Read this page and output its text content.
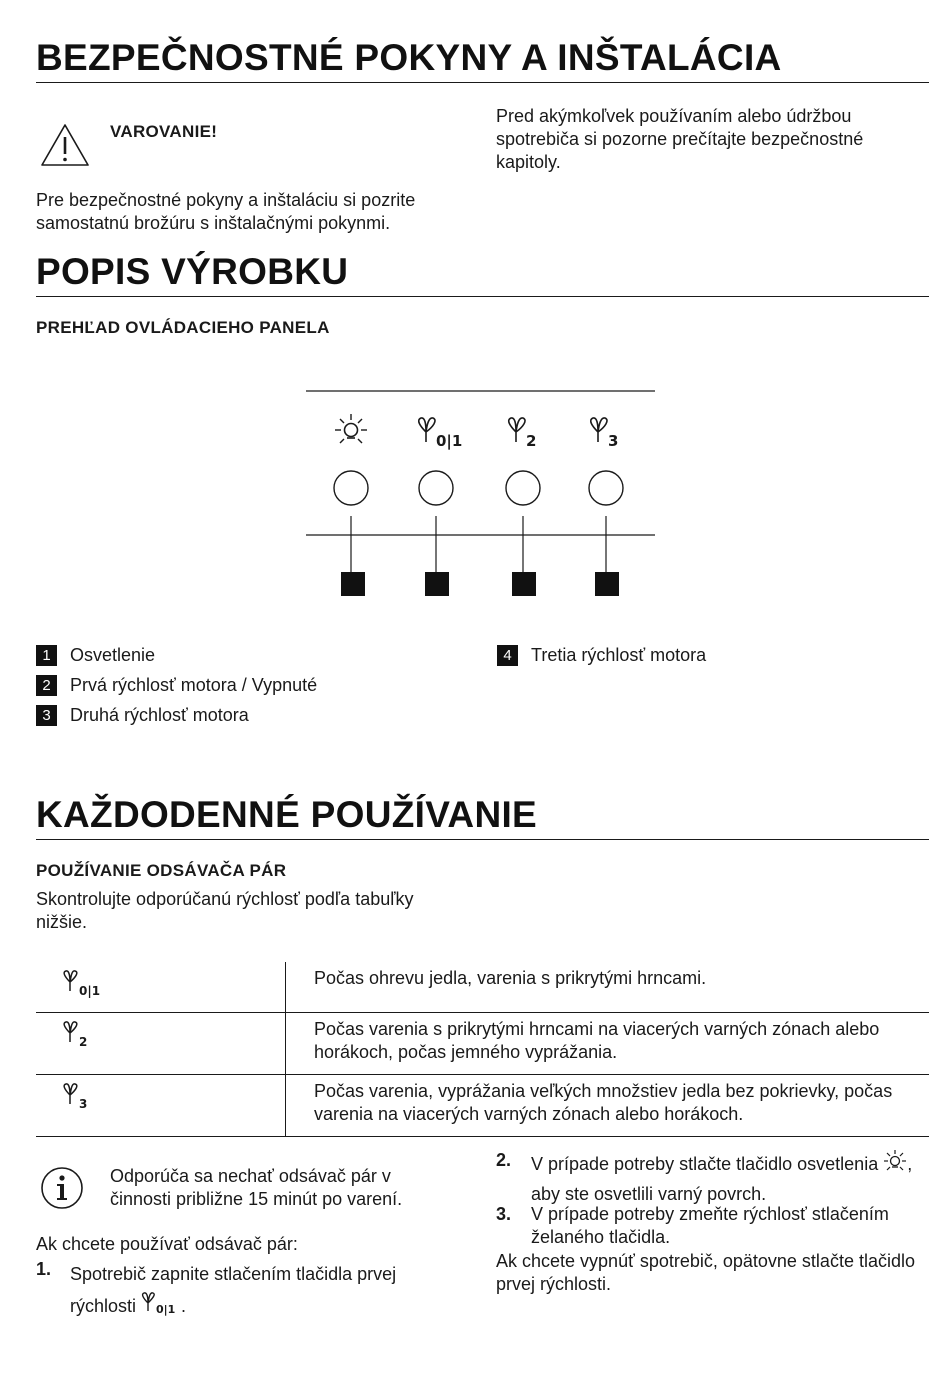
BEZPEČNOSTNÉ POKYNY A INŠTALÁCIA
VAROVANIE!
Pred akýmkoľvek používaním alebo údržbou spotrebiča si pozorne prečítajte bezpečnostné kapitoly.
Pre bezpečnostné pokyny a inštaláciu si pozrite samostatnú brožúru s inštalačnými pokynmi.
POPIS VÝROBKU
PREHĽAD OVLÁDACIEHO PANELA
0|1	2	3
1	Osvetlenie
2	Prvá rýchlosť motora / Vypnuté
3	Druhá rýchlosť motora
4	Tretia rýchlosť motora
KAŽDODENNÉ POUŽÍVANIE
POUŽÍVANIE ODSÁVAČA PÁR
Skontrolujte odporúčanú rýchlosť podľa tabuľky nižšie.
0|1	Počas ohrevu jedla, varenia s prikrytými hrncami.

2	Počas varenia s prikrytými hrncami na viacerých varných zónach alebo horákoch, počas jemného vyprážania.

3	Počas varenia, vyprážania veľkých množstiev jedla bez pokrievky, počas varenia na viacerých varných zónach alebo horákoch.
Odporúča sa nechať odsávač pár v činnosti približne 15 minút po varení.
Ak chcete používať odsávač pár:
1. Spotrebič zapnite stlačením tlačidla prvej rýchlosti 0|1 .
2. V prípade potreby stlačte tlačidlo osvetlenia , aby ste osvetlili varný povrch.
3. V prípade potreby zmeňte rýchlosť stlačením želaného tlačidla.
Ak chcete vypnúť spotrebič, opätovne stlačte tlačidlo prvej rýchlosti.
